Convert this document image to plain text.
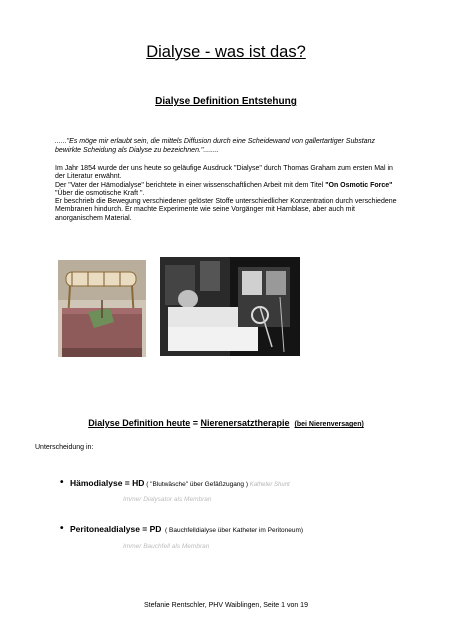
Dialyse - was ist das?
Dialyse Definition Entstehung
......"Es möge mir erlaubt sein, die mittels Diffusion durch eine Scheidewand von gallertartiger Substanz
bewirkte Scheidung als Dialyse zu bezeichnen."........
Im Jahr 1854 wurde der uns heute so geläufige Ausdruck "Dialyse" durch Thomas Graham zum ersten Mal in
der Literatur erwähnt.
Der "Vater der Hämodialyse" berichtete in einer wissenschaftlichen Arbeit mit dem Titel "On Osmotic Force"
"Über die osmotische Kraft ".
Er beschrieb die Bewegung verschiedener gelöster Stoffe unterschiedlicher Konzentration durch verschiedene
Membranen hindurch. Er machte Experimente wie seine Vorgänger mit Harnblase, aber auch mit
anorganischem Material.
Dialyse Definition heute = Nierenersatztherapie (bei Nierenversagen)
Unterscheidung in:
• Hämodialyse = HD ( "Blutwäsche" über Gefäßzugang ) Katheter Shunt
Immer Dialysator als Membran
• Peritonealdialyse = PD  ( Bauchfelldialyse über Katheter im Peritoneum)
Immer Bauchfell als Membran
Stefanie Rentschler, PHV Waiblingen, Seite 1 von 19
